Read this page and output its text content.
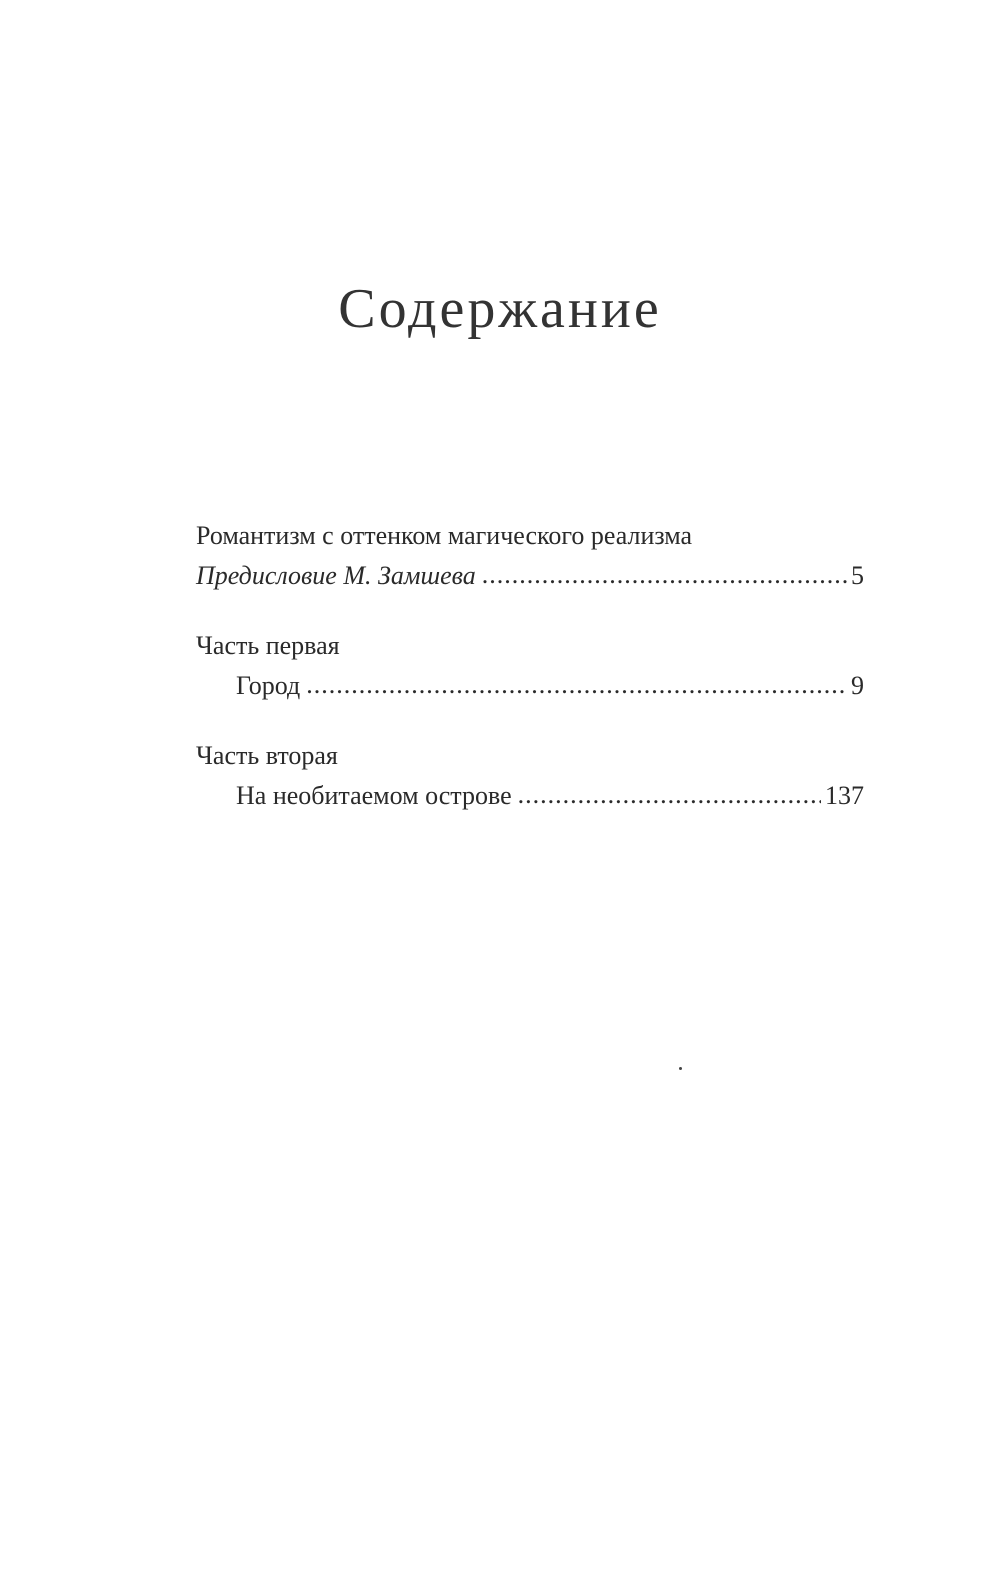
Содержание
Романтизм с оттенком магического реализма
Предисловие М. Замшева .....	5
Часть первая
Город .....	9
Часть вторая
На необитаемом острове .....	137
